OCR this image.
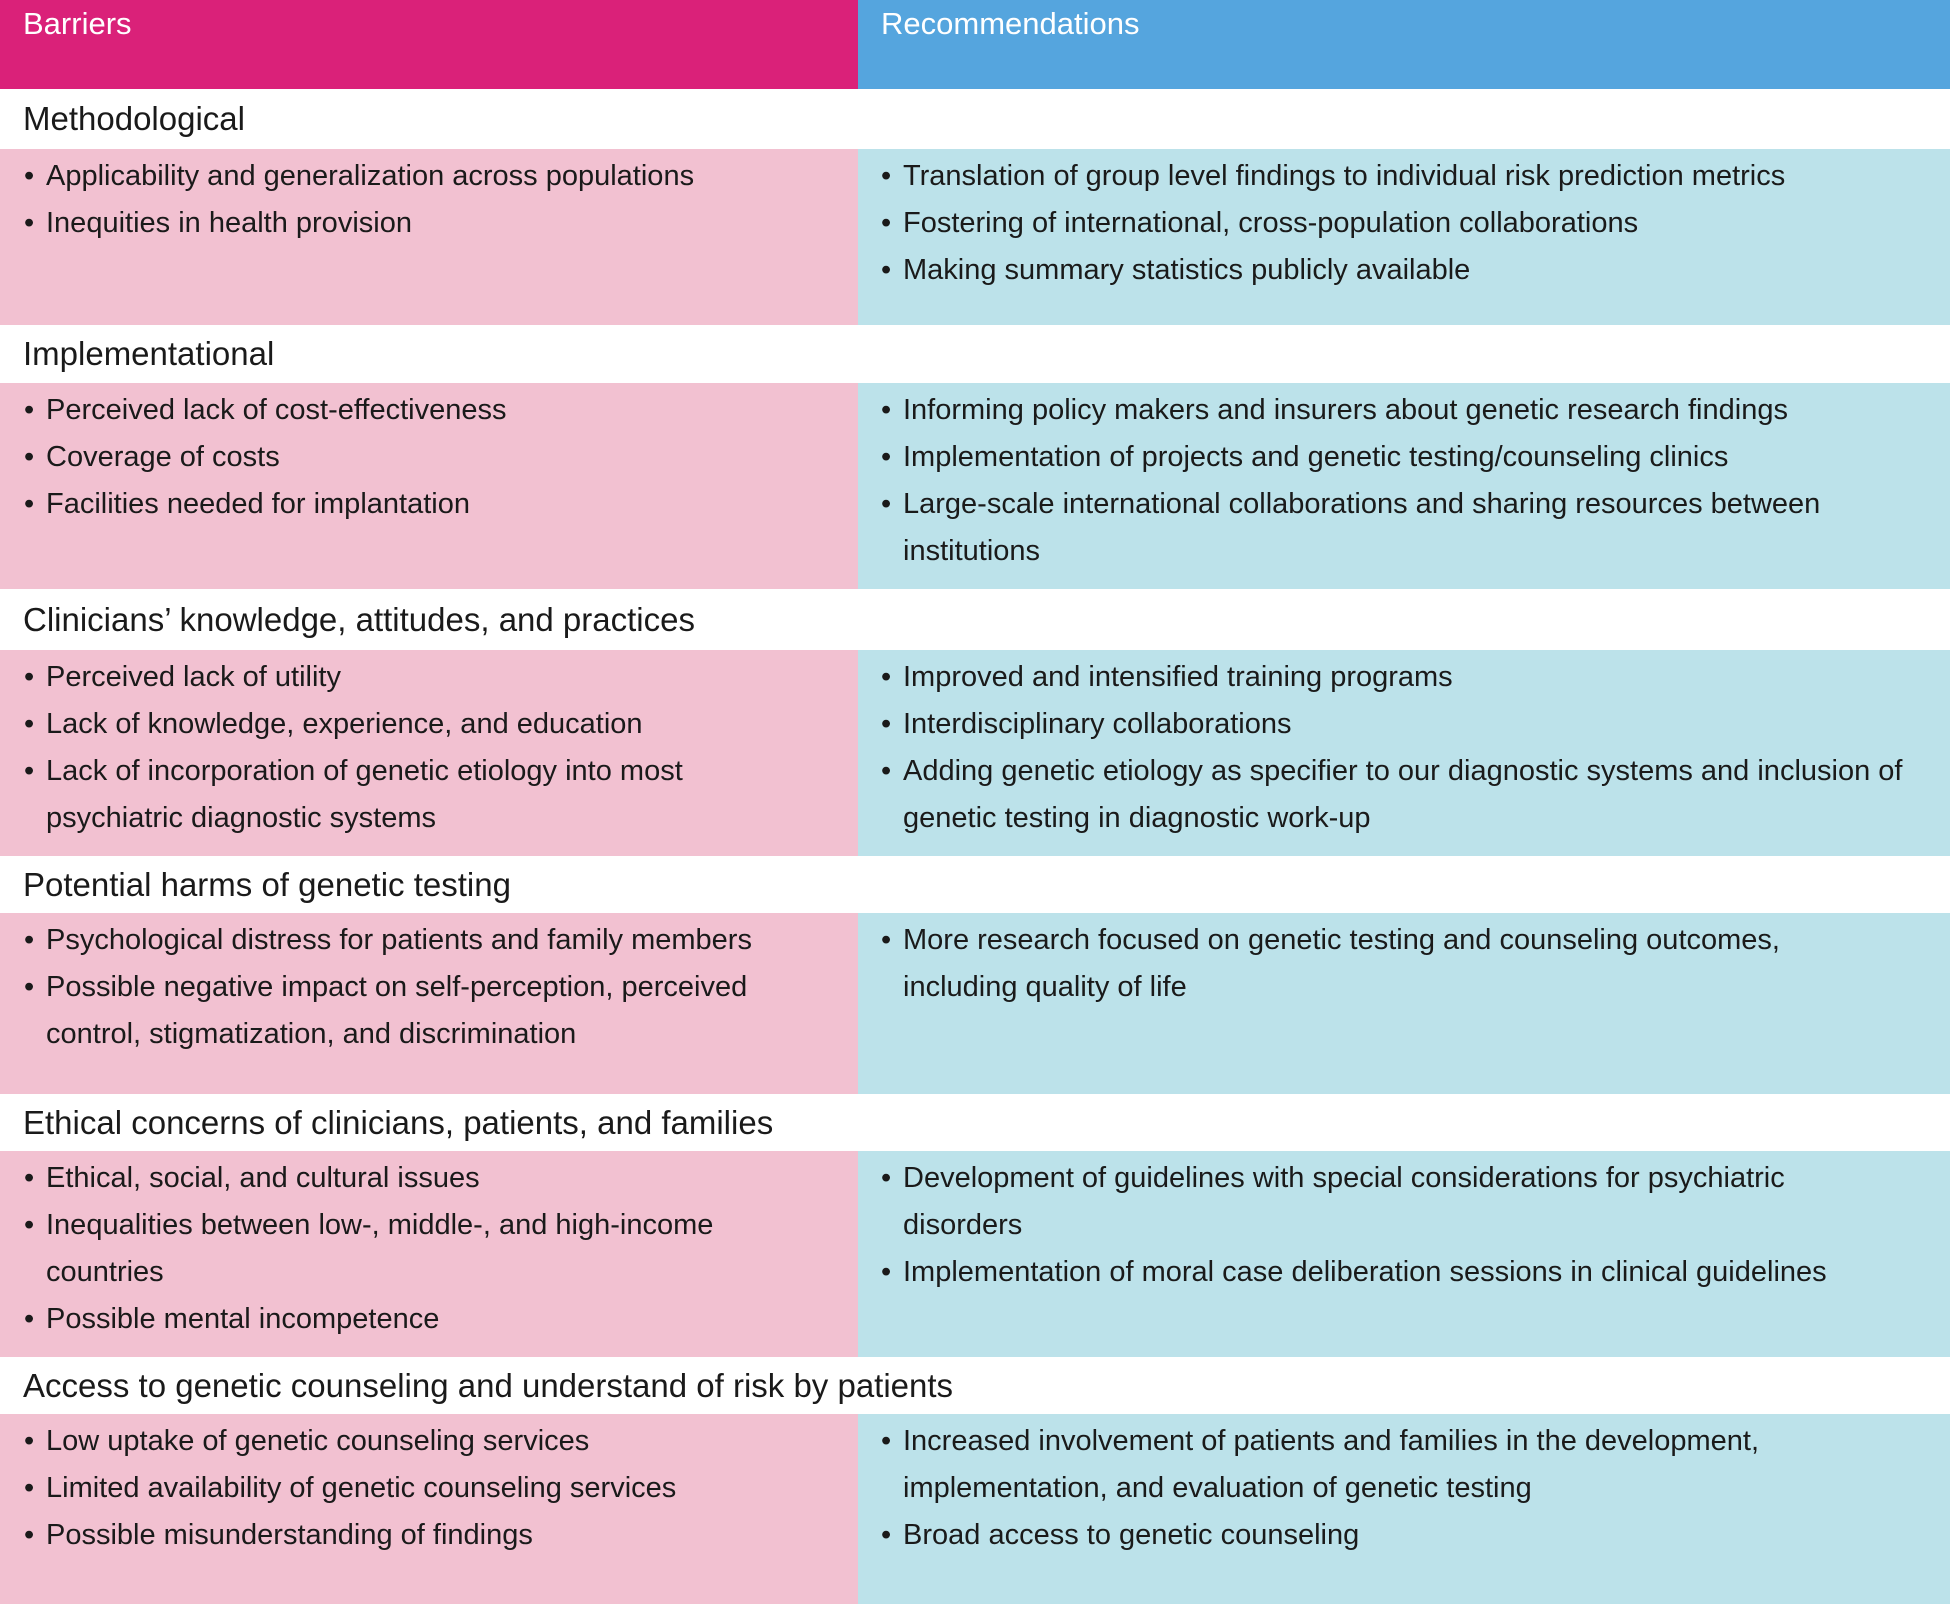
Barriers	Recommendations
Methodological
• Applicability and generalization across populations
• Inequities in health provision
• Translation of group level findings to individual risk prediction metrics
• Fostering of international, cross-population collaborations
• Making summary statistics publicly available
Implementational
• Perceived lack of cost-effectiveness
• Coverage of costs
• Facilities needed for implantation
• Informing policy makers and insurers about genetic research findings
• Implementation of projects and genetic testing/counseling clinics
• Large-scale international collaborations and sharing resources between institutions
Clinicians’ knowledge, attitudes, and practices
• Perceived lack of utility
• Lack of knowledge, experience, and education
• Lack of incorporation of genetic etiology into most psychiatric diagnostic systems
• Improved and intensified training programs
• Interdisciplinary collaborations
• Adding genetic etiology as specifier to our diagnostic systems and inclusion of genetic testing in diagnostic work-up
Potential harms of genetic testing
• Psychological distress for patients and family members
• Possible negative impact on self-perception, perceived control, stigmatization, and discrimination
• More research focused on genetic testing and counseling outcomes, including quality of life
Ethical concerns of clinicians, patients, and families
• Ethical, social, and cultural issues
• Inequalities between low-, middle-, and high-income countries
• Possible mental incompetence
• Development of guidelines with special considerations for psychiatric disorders
• Implementation of moral case deliberation sessions in clinical guidelines
Access to genetic counseling and understand of risk by patients
• Low uptake of genetic counseling services
• Limited availability of genetic counseling services
• Possible misunderstanding of findings
• Increased involvement of patients and families in the development, implementation, and evaluation of genetic testing
• Broad access to genetic counseling
